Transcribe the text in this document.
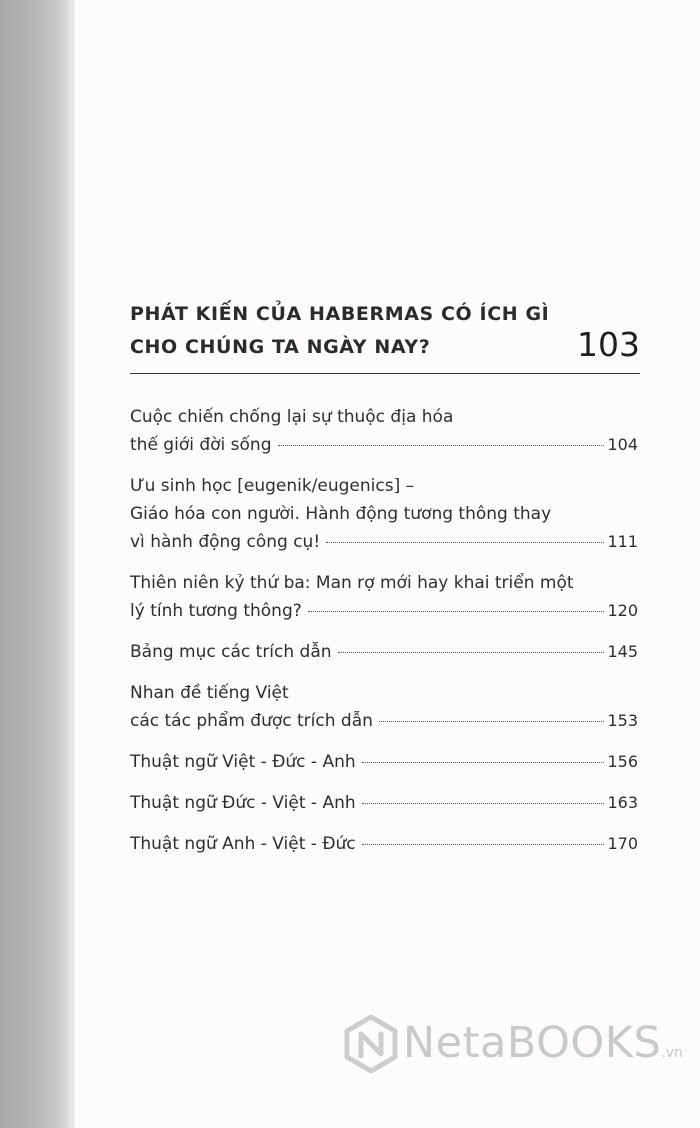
PHÁT KIẾN CỦA HABERMAS CÓ ÍCH GÌ
CHO CHÚNG TA NGÀY NAY?	103
Cuộc chiến chống lại sự thuộc địa hóa
thế giới đời sống	104
Ưu sinh học [eugenik/eugenics] –
Giáo hóa con người. Hành động tương thông thay
vì hành động công cụ!	111
Thiên niên kỷ thứ ba: Man rợ mới hay khai triển một
lý tính tương thông?	120
Bảng mục các trích dẫn	145
Nhan đề tiếng Việt
các tác phẩm được trích dẫn	153
Thuật ngữ Việt - Đức - Anh	156
Thuật ngữ Đức - Việt - Anh	163
Thuật ngữ Anh - Việt - Đức	170
NetaBOOKS.vn
